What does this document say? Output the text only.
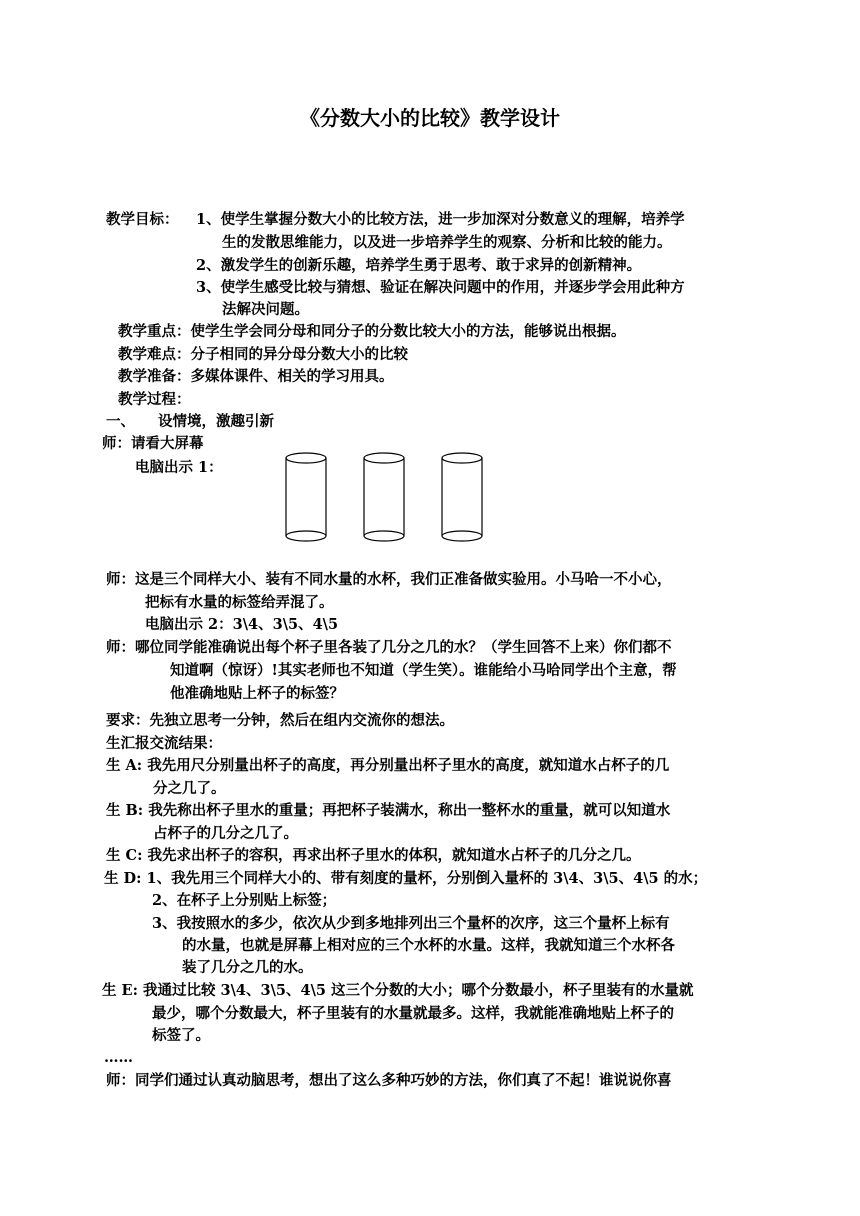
《分数大小的比较》教学设计
教学目标： 1、使学生掌握分数大小的比较方法，进一步加深对分数意义的理解，培养学
生的发散思维能力，以及进一步培养学生的观察、分析和比较的能力。
2、激发学生的创新乐趣，培养学生勇于思考、敢于求异的创新精神。
3、使学生感受比较与猜想、验证在解决问题中的作用，并逐步学会用此种方
法解决问题。
教学重点：使学生学会同分母和同分子的分数比较大小的方法，能够说出根据。
教学难点：分子相同的异分母分数大小的比较
教学准备：多媒体课件、相关的学习用具。
教学过程：
一、 设情境，激趣引新
师：请看大屏幕
电脑出示 1：
师：这是三个同样大小、装有不同水量的水杯，我们正准备做实验用。小马哈一不小心，
把标有水量的标签给弄混了。
电脑出示 2：3\4、3\5、4\5
师：哪位同学能准确说出每个杯子里各装了几分之几的水？（学生回答不上来）你们都不
知道啊（惊讶）!其实老师也不知道（学生笑）。谁能给小马哈同学出个主意，帮
他准确地贴上杯子的标签？
要求：先独立思考一分钟，然后在组内交流你的想法。
生汇报交流结果：
生 A: 我先用尺分别量出杯子的高度，再分别量出杯子里水的高度，就知道水占杯子的几
分之几了。
生 B: 我先称出杯子里水的重量；再把杯子装满水，称出一整杯水的重量，就可以知道水
占杯子的几分之几了。
生 C: 我先求出杯子的容积，再求出杯子里水的体积，就知道水占杯子的几分之几。
生 D: 1、我先用三个同样大小的、带有刻度的量杯，分别倒入量杯的 3\4、3\5、4\5 的水；
2、在杯子上分别贴上标签；
3、我按照水的多少，依次从少到多地排列出三个量杯的次序，这三个量杯上标有
的水量，也就是屏幕上相对应的三个水杯的水量。这样，我就知道三个水杯各
装了几分之几的水。
生 E: 我通过比较 3\4、3\5、4\5 这三个分数的大小；哪个分数最小，杯子里装有的水量就
最少，哪个分数最大，杯子里装有的水量就最多。这样，我就能准确地贴上杯子的
标签了。
……
师：同学们通过认真动脑思考，想出了这么多种巧妙的方法，你们真了不起！谁说说你喜
